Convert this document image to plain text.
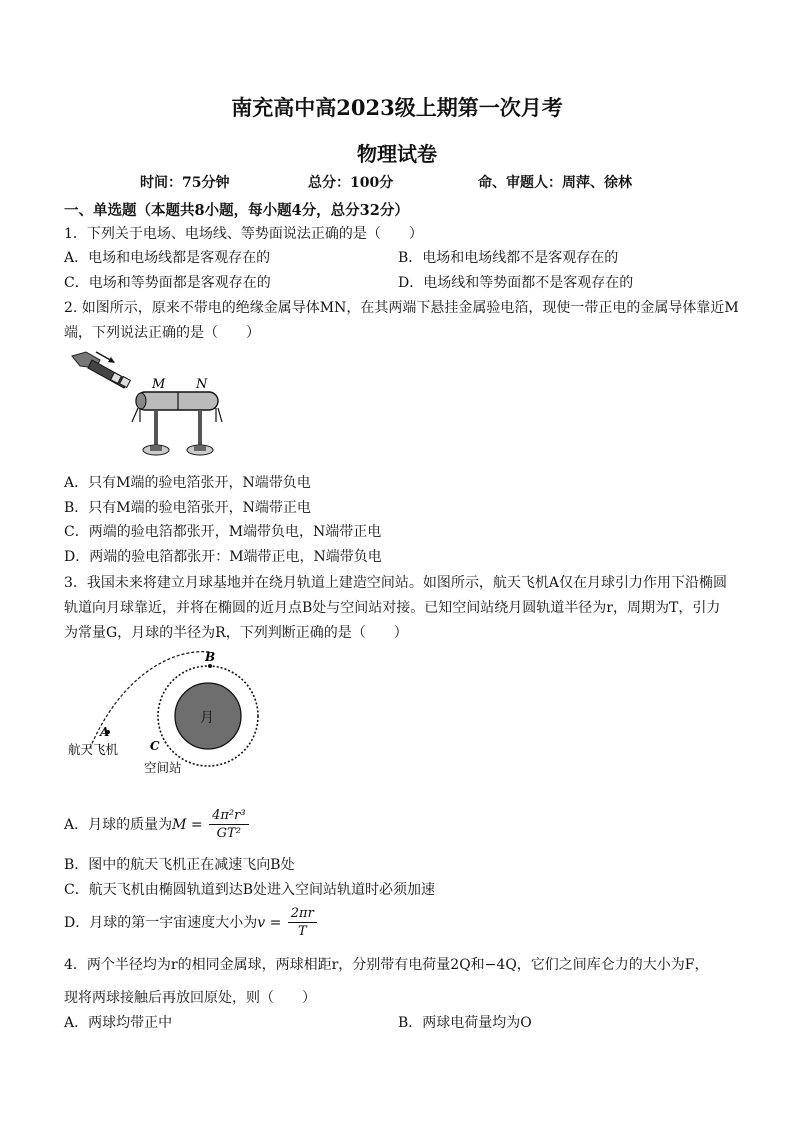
南充高中高2023级上期第一次月考
物理试卷
时间：75分钟	总分：100分	命、审题人：周萍、徐林
一、单选题（本题共8小题，每小题4分，总分32分）
1．下列关于电场、电场线、等势面说法正确的是（　　）
A．电场和电场线都是客观存在的	B．电场和电场线都不是客观存在的
C．电场和等势面都是客观存在的	D．电场线和等势面都不是客观存在的
2. 如图所示，原来不带电的绝缘金属导体MN，在其两端下悬挂金属验电箔，现使一带正电的金属导体靠近M
端，下列说法正确的是（　　）
M N
A．只有M端的验电箔张开，N端带负电
B．只有M端的验电箔张开，N端带正电
C．两端的验电箔都张开，M端带负电，N端带正电
D．两端的验电箔都张开：M端带正电，N端带负电
3．我国未来将建立月球基地并在绕月轨道上建造空间站。如图所示，航天飞机A仅在月球引力作用下沿椭圆
轨道向月球靠近，并将在椭圆的近月点B处与空间站对接。已知空间站绕月圆轨道半径为r，周期为T，引力
为常量G，月球的半径为R，下列判断正确的是（　　）
月
B
A
C
航天飞机
空间站
A．月球的质量为$M = \frac{\text{4π²r³}}{\text{GT²}}$
B．图中的航天飞机正在减速飞向B处
C．航天飞机由椭圆轨道到达B处进入空间站轨道时必须加速
D．月球的第一宇宙速度大小为$v = \frac{2\pi r}{T}$
4．两个半径均为r的相同金属球，两球相距r，分别带有电荷量2Q和−4Q，它们之间库仑力的大小为F，
现将两球接触后再放回原处，则（　　）
A．两球均带正中	B．两球电荷量均为O
